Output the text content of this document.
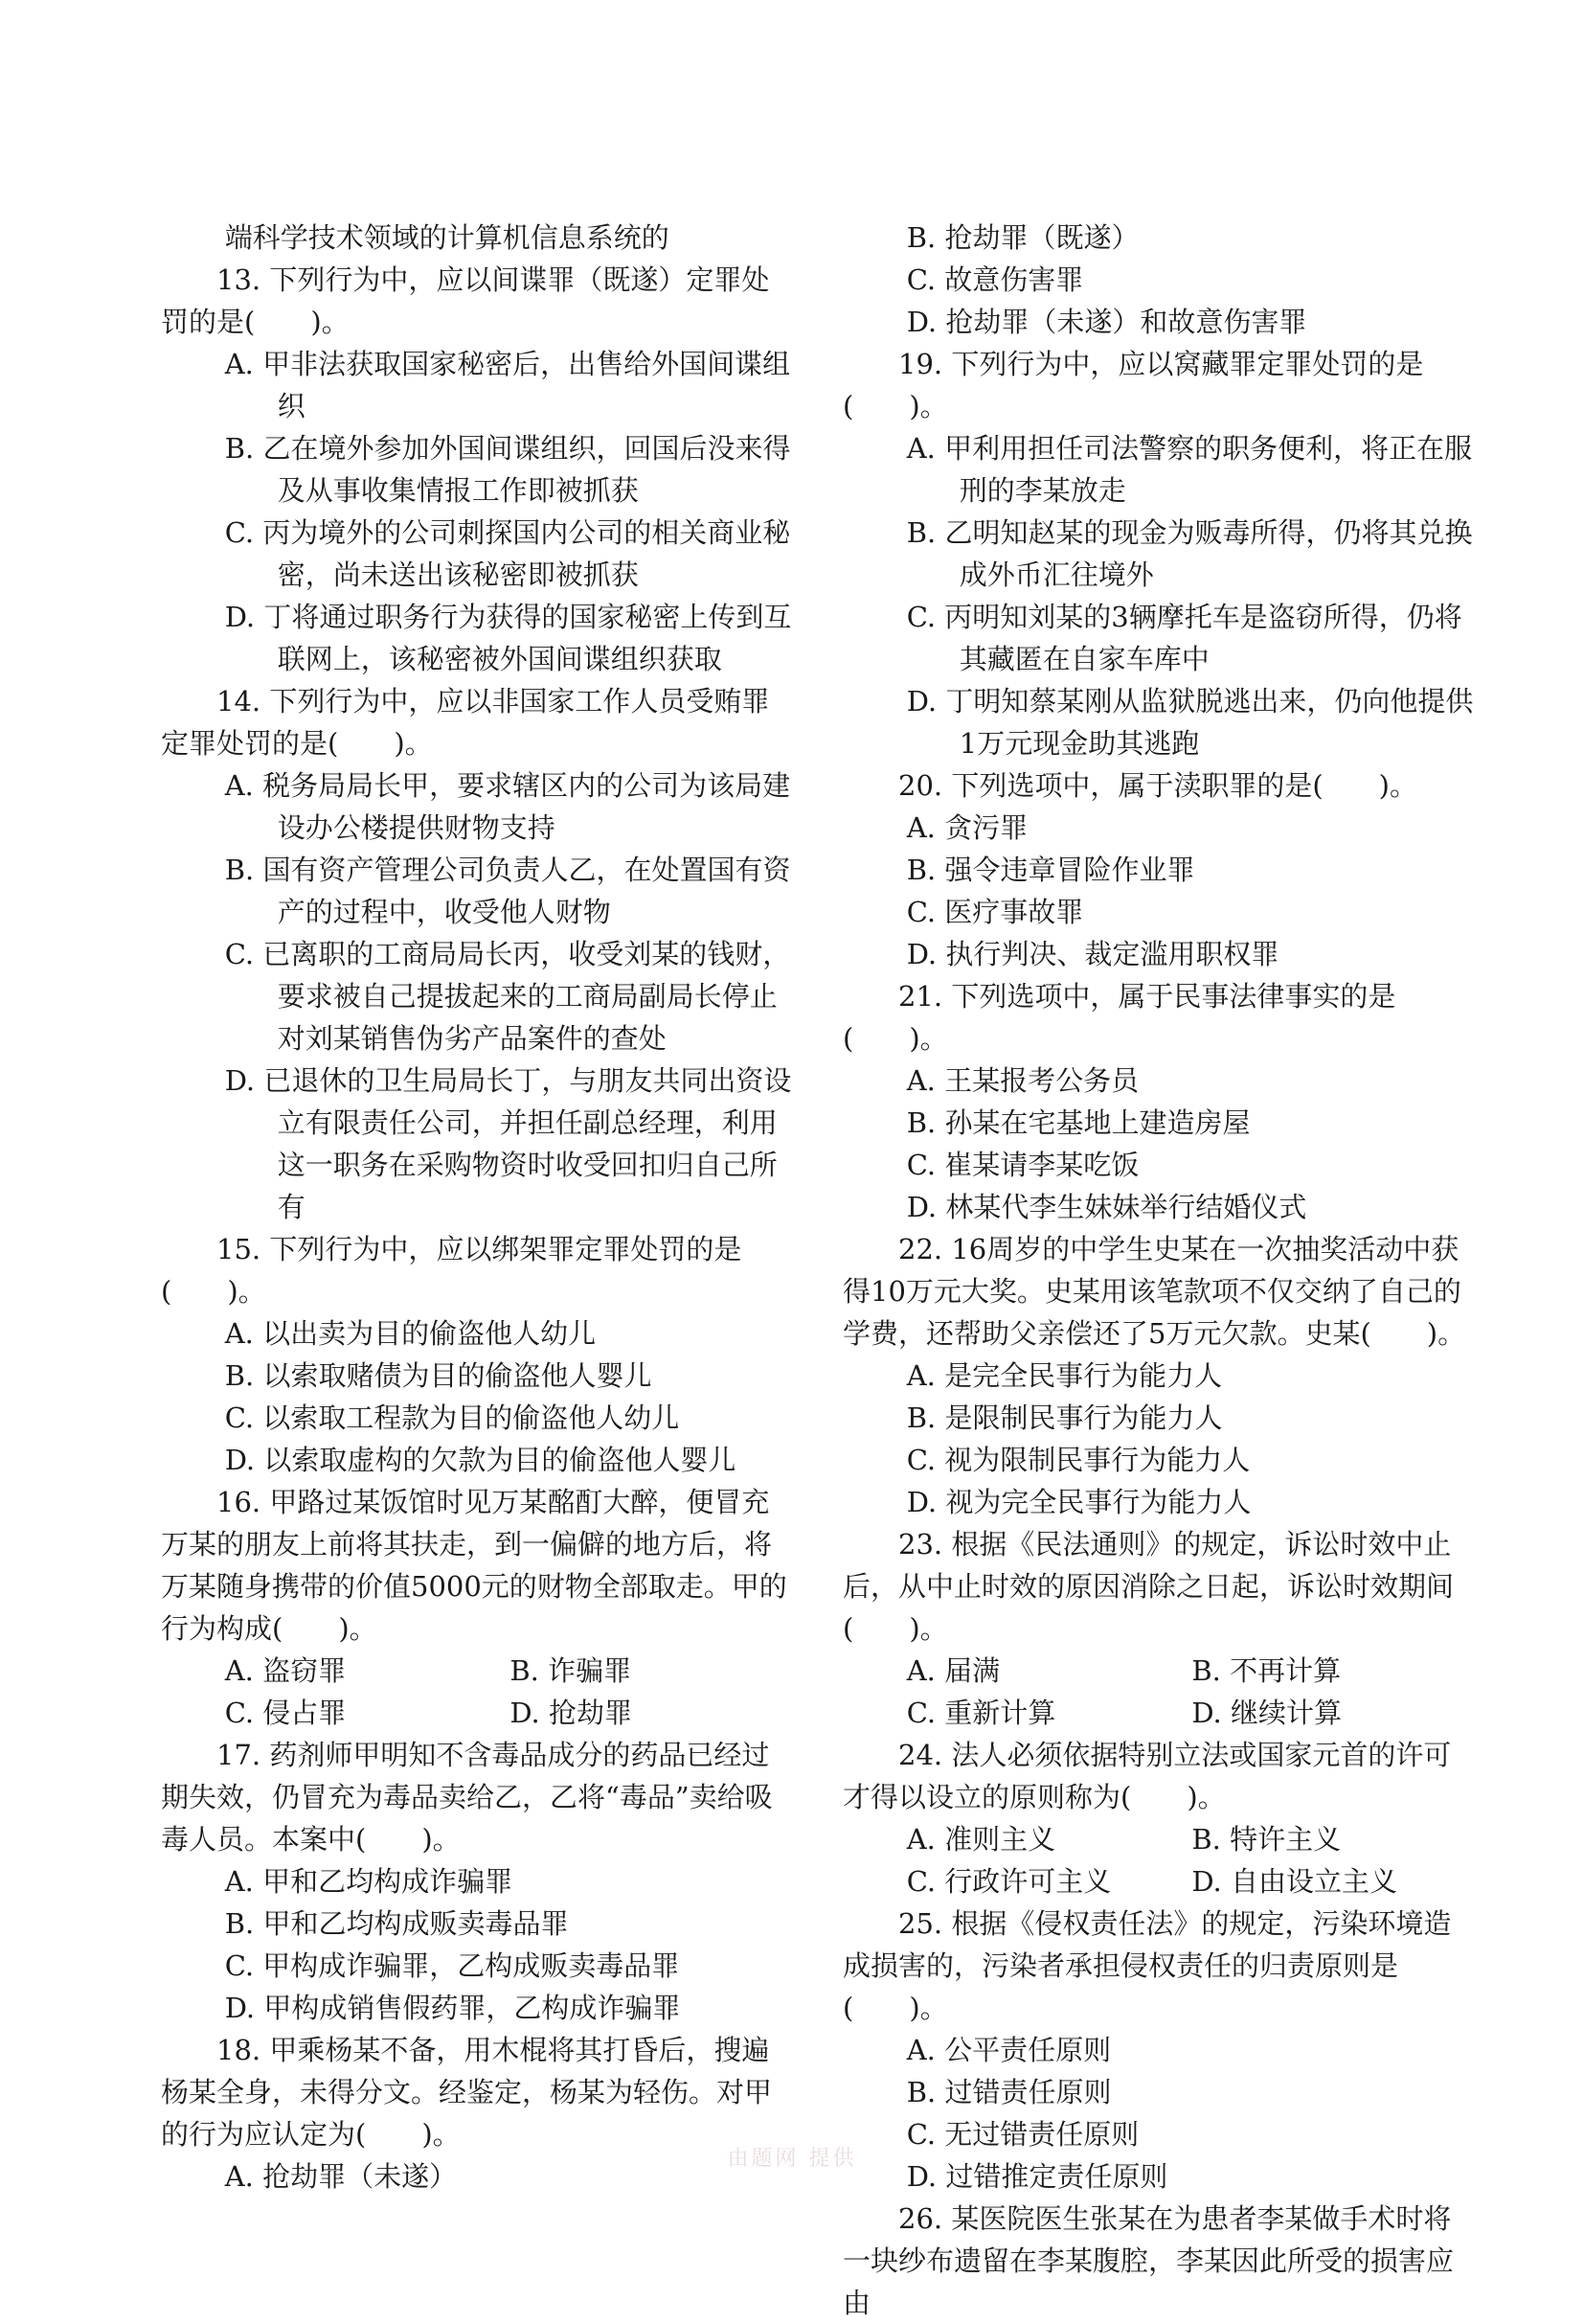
端科学技术领域的计算机信息系统的

13. 下列行为中，应以间谍罪（既遂）定罪处罚的是(　　)。

A. 甲非法获取国家秘密后，出售给外国间谍组织

B. 乙在境外参加外国间谍组织，回国后没来得及从事收集情报工作即被抓获

C. 丙为境外的公司刺探国内公司的相关商业秘密，尚未送出该秘密即被抓获

D. 丁将通过职务行为获得的国家秘密上传到互联网上，该秘密被外国间谍组织获取

14. 下列行为中，应以非国家工作人员受贿罪定罪处罚的是(　　)。

A. 税务局局长甲，要求辖区内的公司为该局建设办公楼提供财物支持

B. 国有资产管理公司负责人乙，在处置国有资产的过程中，收受他人财物

C. 已离职的工商局局长丙，收受刘某的钱财，要求被自己提拔起来的工商局副局长停止对刘某销售伪劣产品案件的查处

D. 已退休的卫生局局长丁，与朋友共同出资设立有限责任公司，并担任副总经理，利用这一职务在采购物资时收受回扣归自己所有

15. 下列行为中，应以绑架罪定罪处罚的是(　　)。

A. 以出卖为目的偷盗他人幼儿

B. 以索取赌债为目的偷盗他人婴儿

C. 以索取工程款为目的偷盗他人幼儿

D. 以索取虚构的欠款为目的偷盗他人婴儿

16. 甲路过某饭馆时见万某酩酊大醉，便冒充万某的朋友上前将其扶走，到一偏僻的地方后，将万某随身携带的价值5000元的财物全部取走。甲的行为构成(　　)。

A. 盗窃罪	B. 诈骗罪
C. 侵占罪	D. 抢劫罪

17. 药剂师甲明知不含毒品成分的药品已经过期失效，仍冒充为毒品卖给乙，乙将“毒品”卖给吸毒人员。本案中(　　)。

A. 甲和乙均构成诈骗罪

B. 甲和乙均构成贩卖毒品罪

C. 甲构成诈骗罪，乙构成贩卖毒品罪

D. 甲构成销售假药罪，乙构成诈骗罪

18. 甲乘杨某不备，用木棍将其打昏后，搜遍杨某全身，未得分文。经鉴定，杨某为轻伤。对甲的行为应认定为(　　)。

A. 抢劫罪（未遂）

B. 抢劫罪（既遂）

C. 故意伤害罪

D. 抢劫罪（未遂）和故意伤害罪

19. 下列行为中，应以窝藏罪定罪处罚的是(　　)。

A. 甲利用担任司法警察的职务便利，将正在服刑的李某放走

B. 乙明知赵某的现金为贩毒所得，仍将其兑换成外币汇往境外

C. 丙明知刘某的3辆摩托车是盗窃所得，仍将其藏匿在自家车库中

D. 丁明知蔡某刚从监狱脱逃出来，仍向他提供1万元现金助其逃跑

20. 下列选项中，属于渎职罪的是(　　)。

A. 贪污罪

B. 强令违章冒险作业罪

C. 医疗事故罪

D. 执行判决、裁定滥用职权罪

21. 下列选项中，属于民事法律事实的是(　　)。

A. 王某报考公务员

B. 孙某在宅基地上建造房屋

C. 崔某请李某吃饭

D. 林某代李生妹妹举行结婚仪式

22. 16周岁的中学生史某在一次抽奖活动中获得10万元大奖。史某用该笔款项不仅交纳了自己的学费，还帮助父亲偿还了5万元欠款。史某(　　)。

A. 是完全民事行为能力人

B. 是限制民事行为能力人

C. 视为限制民事行为能力人

D. 视为完全民事行为能力人

23. 根据《民法通则》的规定，诉讼时效中止后，从中止时效的原因消除之日起，诉讼时效期间(　　)。

A. 届满	B. 不再计算
C. 重新计算	D. 继续计算

24. 法人必须依据特别立法或国家元首的许可才得以设立的原则称为(　　)。

A. 准则主义	B. 特许主义
C. 行政许可主义	D. 自由设立主义

25. 根据《侵权责任法》的规定，污染环境造成损害的，污染者承担侵权责任的归责原则是(　　)。

A. 公平责任原则

B. 过错责任原则

C. 无过错责任原则

D. 过错推定责任原则

26. 某医院医生张某在为患者李某做手术时将一块纱布遗留在李某腹腔，李某因此所受的损害应由

由题网 提供
